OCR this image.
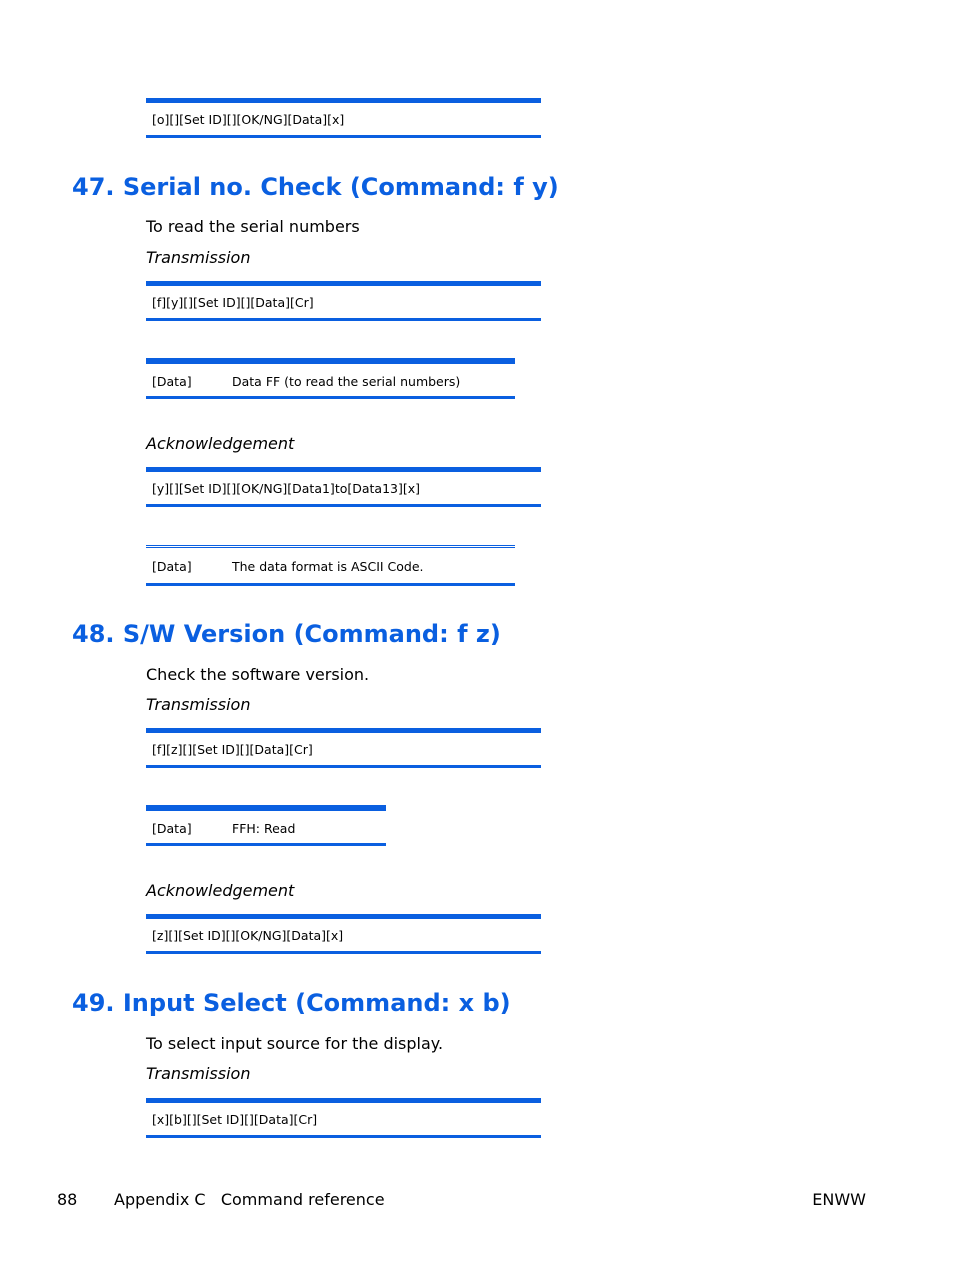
[o][][Set ID][][OK/NG][Data][x]
47. Serial no. Check (Command: f y)
To read the serial numbers
Transmission
[f][y][][Set ID][][Data][Cr]
[Data]	Data FF (to read the serial numbers)
Acknowledgement
[y][][Set ID][][OK/NG][Data1]to[Data13][x]
[Data]	The data format is ASCII Code.
48. S/W Version (Command: f z)
Check the software version.
Transmission
[f][z][][Set ID][][Data][Cr]
[Data]	FFH: Read
Acknowledgement
[z][][Set ID][][OK/NG][Data][x]
49. Input Select (Command: x b)
To select input source for the display.
Transmission
[x][b][][Set ID][][Data][Cr]
88 Appendix C   Command reference	ENWW
